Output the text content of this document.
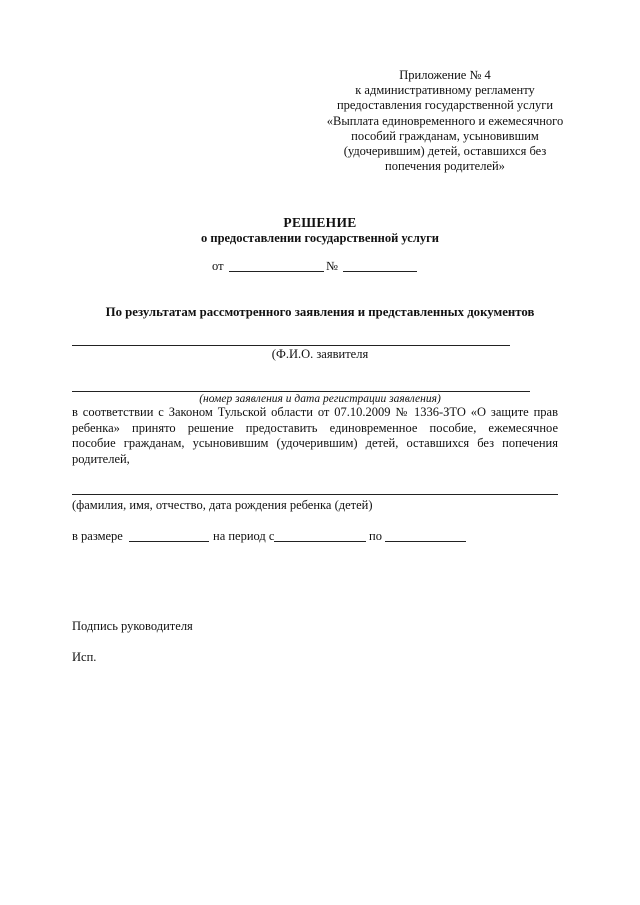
Приложение № 4
к административному регламенту
предоставления государственной услуги
«Выплата единовременного и ежемесячного
пособий гражданам, усыновившим
(удочерившим) детей, оставшихся без
попечения родителей»
РЕШЕНИЕ
о предоставлении государственной услуги
от	№
По результатам рассмотренного заявления и представленных документов
(Ф.И.О. заявителя
(номер заявления и дата регистрации заявления)
в соответствии с Законом Тульской области от 07.10.2009 № 1336-ЗТО «О защите прав
ребенка» принято решение предоставить единовременное пособие, ежемесячное
пособие гражданам, усыновившим (удочерившим) детей, оставшихся без попечения
родителей,
(фамилия, имя, отчество, дата рождения ребенка (детей)
в размере	на период с	по
Подпись руководителя
Исп.
